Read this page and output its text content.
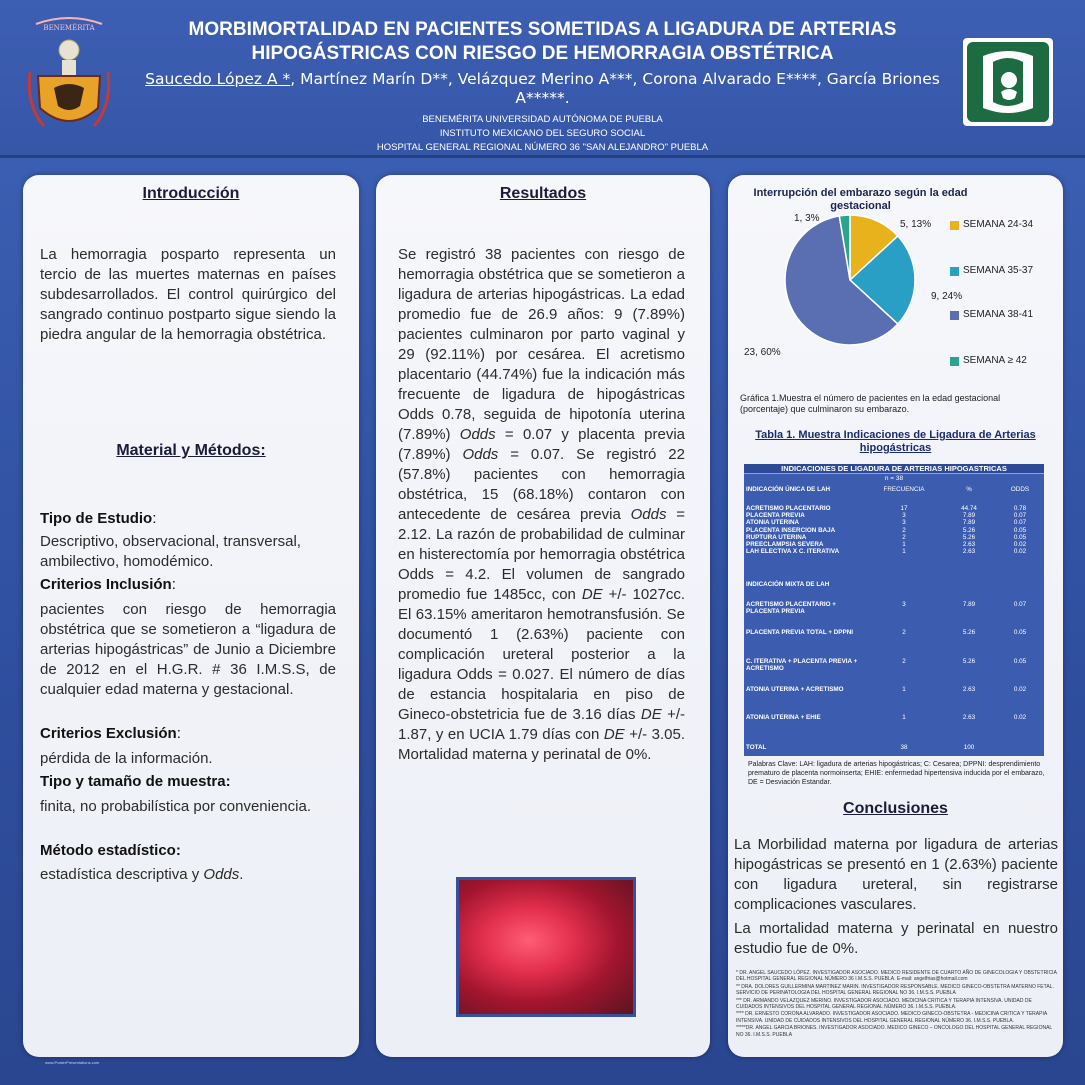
BENEMÉRITA	MORBIMORTALIDAD EN PACIENTES SOMETIDAS A LIGADURA DE ARTERIAS
HIPOGÁSTRICAS CON RIESGO DE HEMORRAGIA OBSTÉTRICA
Saucedo López A *, Martínez Marín D**, Velázquez Merino A***, Corona Alvarado E****, García Briones A*****.
BENEMÉRITA UNIVERSIDAD AUTÓNOMA DE PUEBLA
INSTITUTO MEXICANO DEL SEGURO SOCIAL
HOSPITAL GENERAL REGIONAL NÚMERO 36 "SAN ALEJANDRO" PUEBLA
Introducción
La hemorragia posparto representa un tercio de las muertes maternas en países subdesarrollados. El control quirúrgico del sangrado continuo postparto sigue siendo la piedra angular de la hemorragia obstétrica.
Material y Métodos:
Tipo de Estudio:
Descriptivo, observacional, transversal, ambilectivo, homodémico.
Criterios Inclusión:
pacientes con riesgo de hemorragia obstétrica que se sometieron a “ligadura de arterias hipogástricas” de Junio a Diciembre de 2012 en el H.G.R. # 36 I.M.S.S, de cualquier edad materna y gestacional.
Criterios Exclusión:
pérdida de la información.
Tipo y tamaño de muestra:
finita, no probabilística por conveniencia.
Método estadístico:
estadística descriptiva y Odds.
Resultados
Se registró 38 pacientes con riesgo de hemorragia obstétrica que se sometieron a ligadura de arterias hipogástricas. La edad promedio fue de 26.9 años: 9 (7.89%) pacientes culminaron por parto vaginal y 29 (92.11%) por cesárea. El acretismo placentario (44.74%) fue la indicación más frecuente de ligadura de hipogástricas Odds 0.78, seguida de hipotonía uterina (7.89%) Odds = 0.07 y placenta previa (7.89%) Odds = 0.07. Se registró 22 (57.8%) pacientes con hemorragia obstétrica, 15 (68.18%) contaron con antecedente de cesárea previa Odds = 2.12. La razón de probabilidad de culminar en histerectomía por hemorragia obstétrica Odds = 4.2. El volumen de sangrado promedio fue 1485cc, con DE +/- 1027cc. El 63.15% ameritaron hemotransfusión. Se documentó 1 (2.63%) paciente con complicación ureteral posterior a la ligadura Odds = 0.027. El número de días de estancia hospitalaria en piso de Gineco-obstetricia fue de 3.16 días DE +/- 1.87, y en UCIA 1.79 días con DE +/- 3.05. Mortalidad materna y perinatal de 0%.
Interrupción del embarazo según la edad gestacional
5, 13%
9, 24%
23, 60%
1, 3%
SEMANA 24-34
SEMANA 35-37
SEMANA 38-41
SEMANA ≥ 42
Gráfica 1.Muestra el número de pacientes en la edad gestacional (porcentaje) que culminaron su embarazo.
Tabla 1. Muestra Indicaciones de Ligadura de Arterias hipogástricas
INDICACIONES DE LIGADURA DE ARTERIAS HIPOGASTRICAS
n = 38
INDICACIÓN ÚNICA DE LAH	FRECUENCIA	%	ODDS
ACRETISMO PLACENTARIO	17	44.74	0.78
PLACENTA PREVIA	3	7.89	0.07
ATONIA UTERINA	3	7.89	0.07
PLACENTA INSERCION BAJA	2	5.26	0.05
RUPTURA UTERINA	2	5.26	0.05
PREECLAMPSIA SEVERA	1	2.63	0.02
LAH ELECTIVA X C. ITERATIVA	1	2.63	0.02
INDICACIÓN MIXTA DE LAH
ACRETISMO PLACENTARIO + PLACENTA PREVIA
3	7.89	0.07
PLACENTA PREVIA TOTAL + DPPNI	2	5.26	0.05
C. ITERATIVA + PLACENTA PREVIA + ACRETISMO
2	5.26	0.05
ATONIA UTERINA + ACRETISMO	1	2.63	0.02
ATONIA UTERINA + EHIE	1	2.63	0.02
TOTAL	38	100
Palabras Clave: LAH: ligadura de arterias hipogástricas; C: Cesarea; DPPNI: desprendimiento prematuro de placenta normoinserta; EHIE: enfermedad hipertensiva inducida por el embarazo, DE = Desviación Estandar.
Conclusiones
La Morbilidad materna por ligadura de arterias hipogástricas se presentó en 1 (2.63%) paciente con ligadura ureteral, sin registrarse complicaciones vasculares.
La mortalidad materna y perinatal en nuestro estudio fue de 0%.
* DR. ANGEL SAUCEDO LÓPEZ. INVESTIGADOR ASOCIADO. MEDICO RESIDENTE DE CUARTO AÑO DE GINECOLOGIA Y OBSTETRICIA DEL HOSPITAL GENERAL REGIONAL NÚMERO 36 I.M.S.S. PUEBLA. E-mail: angelfrias@hotmail.com
** DRA. DOLORES GUILLERMINA MARTINEZ MARIN. INVESTIGADOR RESPONSABLE. MEDICO GINECO-OBSTETRA MATERNO FETAL. SERVICIO DE PERINATOLOGIA DEL HOSPITAL GENERAL REGIONAL NO 36. I.M.S.S. PUEBLA
*** DR. ARMANDO VELAZQUEZ MERINO. INVESTIGADOR ASOCIADO. MEDICINA CRITICA Y TERAPIA INTENSIVA. UNIDAD DE CUIDADOS INTENSIVOS DEL HOSPITAL GENERAL REGIONAL NÚMERO 36. I.M.S.S. PUEBLA.
**** DR. ERNESTO CORONA ALVARADO. INVESTIGADOR ASOCIADO. MEDICO GINECO-OBSTETRA - MEDICINA CRITICA Y TERAPIA INTENSIVA. UNIDAD DE CUIDADOS INTENSIVOS DEL HOSPITAL GENERAL REGIONAL NÚMERO 36. I.M.S.S. PUEBLA.
*****DR. ANGEL GARCIA BRIONES. INVESTIGADOR ASOCIADO. MEDICO GINECO – ONCOLOGO DEL HOSPITAL GENERAL REGIONAL NO 36. I.M.S.S. PUEBLA
www.PosterPresentations.com
